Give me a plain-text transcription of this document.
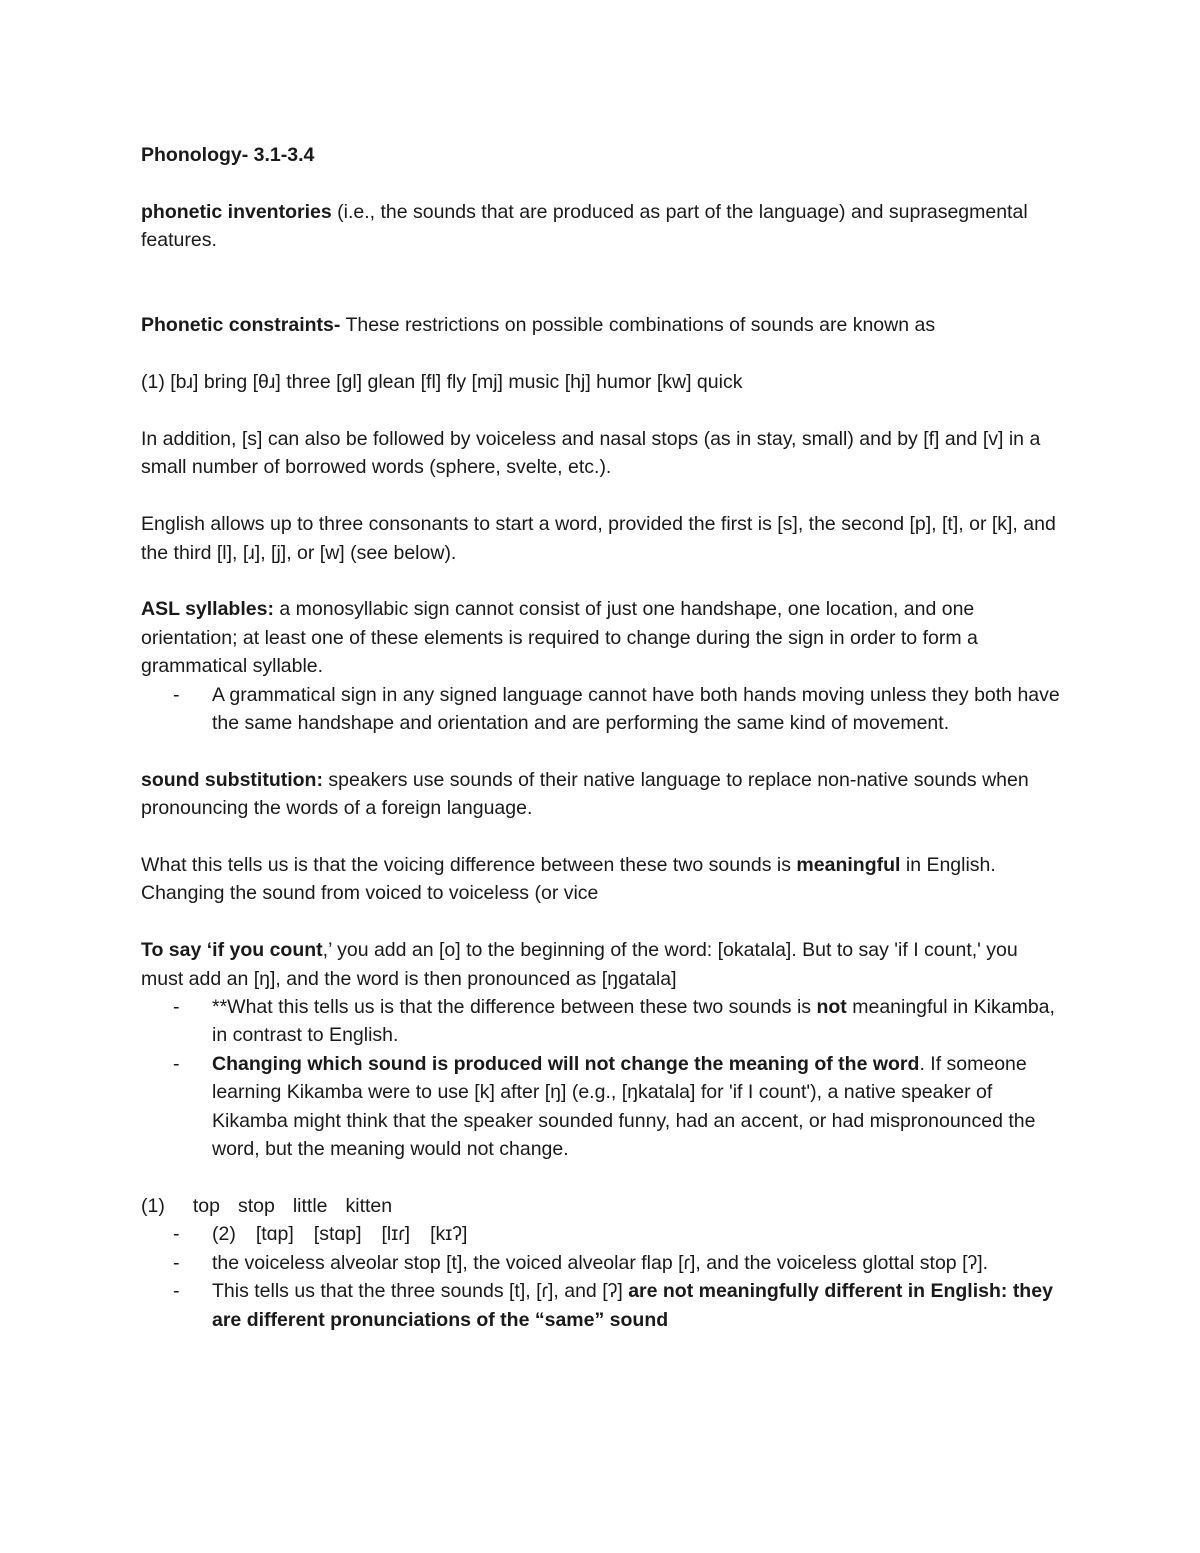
Phonology- 3.1-3.4

phonetic inventories (i.e., the sounds that are produced as part of the language) and suprasegmental features.

Phonetic constraints- These restrictions on possible combinations of sounds are known as

(1) [bɹ] bring [θɹ] three [gl] glean [fl] fly [mj] music [hj] humor [kw] quick

In addition, [s] can also be followed by voiceless and nasal stops (as in stay, small) and by [f] and [v] in a small number of borrowed words (sphere, svelte, etc.).

English allows up to three consonants to start a word, provided the first is [s], the second [p], [t], or [k], and the third [l], [ɹ], [j], or [w] (see below).

ASL syllables: a monosyllabic sign cannot consist of just one handshape, one location, and one orientation; at least one of these elements is required to change during the sign in order to form a grammatical syllable.

- A grammatical sign in any signed language cannot have both hands moving unless they both have the same handshape and orientation and are performing the same kind of movement.

sound substitution: speakers use sounds of their native language to replace non-native sounds when pronouncing the words of a foreign language.

What this tells us is that the voicing difference between these two sounds is meaningful in English. Changing the sound from voiced to voiceless (or vice

To say ‘if you count,’ you add an [o] to the beginning of the word: [okatala]. But to say 'if I count,' you must add an [ŋ], and the word is then pronounced as [ŋgatala]

- **What this tells us is that the difference between these two sounds is not meaningful in Kikamba, in contrast to English.
- Changing which sound is produced will not change the meaning of the word. If someone learning Kikamba were to use [k] after [ŋ] (e.g., [ŋkatala] for 'if I count'), a native speaker of Kikamba might think that the speaker sounded funny, had an accent, or had mispronounced the word, but the meaning would not change.

(1) top stop little kitten

- (2) [tɑp] [stɑp] [lɪɾ] [kɪʔ]
- the voiceless alveolar stop [t], the voiced alveolar flap [ɾ], and the voiceless glottal stop [ʔ].
- This tells us that the three sounds [t], [ɾ], and [ʔ] are not meaningfully different in English: they are different pronunciations of the “same” sound
